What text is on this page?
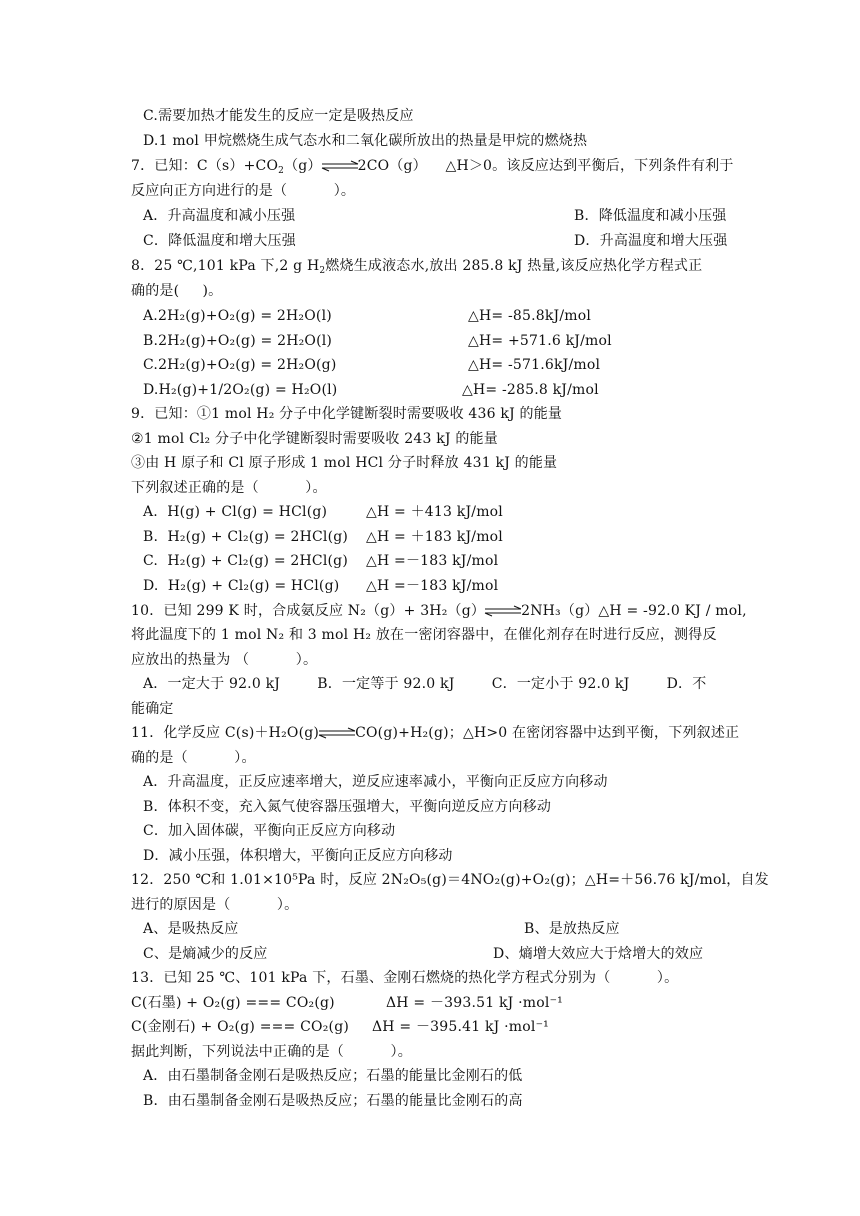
C.需要加热才能发生的反应一定是吸热反应
D.1 mol 甲烷燃烧生成气态水和二氧化碳所放出的热量是甲烷的燃烧热
7．已知：$C(s)+CO_2(g)$	2CO（g）    △H＞0。该反应达到平衡后，下列条件有利于
反应向正方向进行的是（          ）。
A．升高温度和减小压强	B．降低温度和减小压强
C．降低温度和增大压强	D．升高温度和增大压强
8．25 ℃,101 kPa 下,2 g $H_2$燃烧生成液态水,放出 285.8 kJ 热量,该反应热化学方程式正
确的是(     )。
A.2H₂(g)+O₂(g) = 2H₂O(l)	△H= -85.8kJ/mol
B.2H₂(g)+O₂(g) = 2H₂O(l)	△H= +571.6 kJ/mol
C.2H₂(g)+O₂(g) = 2H₂O(g)	△H= -571.6kJ/mol
D.H₂(g)+1/2O₂(g) = H₂O(l)	△H= -285.8 kJ/mol
9．已知：①1 mol H₂ 分子中化学键断裂时需要吸收 436 kJ 的能量
②1 mol Cl₂ 分子中化学键断裂时需要吸收 243 kJ 的能量
③由 H 原子和 Cl 原子形成 1 mol HCl 分子时释放 431 kJ 的能量
下列叙述正确的是（          ）。
A.  H(g) + Cl(g) = HCl(g)	△H = ＋413 kJ/mol
B.  H₂(g) + Cl₂(g) = 2HCl(g) △H = ＋183 kJ/mol
C.  H₂(g) + Cl₂(g) = 2HCl(g) △H =－183 kJ/mol
D.  H₂(g) + Cl₂(g) = HCl(g) △H =－183 kJ/mol
10．已知 299 K 时，合成氨反应 N₂（g）+ 3H₂（g）	2NH₃（g）△H = -92.0 KJ / mol,
将此温度下的 1 mol N₂ 和 3 mol H₂ 放在一密闭容器中，在催化剂存在时进行反应，测得反
应放出的热量为 （          ）。
A．一定大于 92.0 kJ        B．一定等于 92.0 kJ        C．一定小于 92.0 kJ        D．不
能确定
11．化学反应 C(s)＋H₂O(g)	CO(g)+H₂(g)；△H>0 在密闭容器中达到平衡，下列叙述正
确的是（          ）。
A．升高温度，正反应速率增大，逆反应速率减小，平衡向正反应方向移动
B．体积不变，充入氮气使容器压强增大，平衡向逆反应方向移动
C．加入固体碳，平衡向正反应方向移动
D．减小压强，体积增大，平衡向正反应方向移动
12．250 ℃和 1.01×10⁵Pa 时，反应 2N₂O₅(g)＝4NO₂(g)+O₂(g)；△H=＋56.76 kJ/mol，自发
进行的原因是（          ）。
A、是吸热反应	B、是放热反应
C、是熵减少的反应	D、熵增大效应大于焓增大的效应
13．已知 25 ℃、101 kPa 下，石墨、金刚石燃烧的热化学方程式分别为（          ）。
C(石墨) + O₂(g) === CO₂(g)	ΔH = －393.51 kJ ·mol⁻¹
C(金刚石) + O₂(g) === CO₂(g) ΔH = －395.41 kJ ·mol⁻¹
据此判断，下列说法中正确的是（          ）。
A．由石墨制备金刚石是吸热反应；石墨的能量比金刚石的低
B．由石墨制备金刚石是吸热反应；石墨的能量比金刚石的高
